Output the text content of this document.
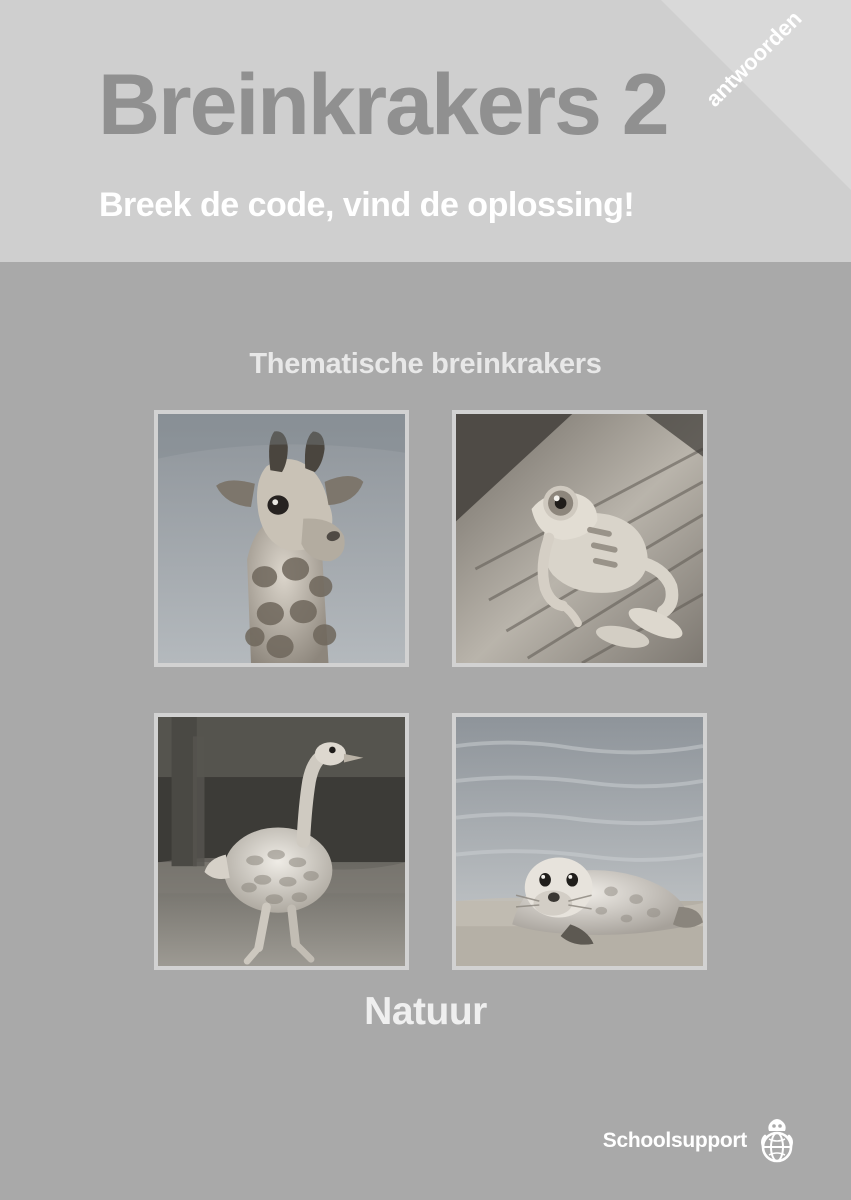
Breinkrakers 2
Breek de code, vind de oplossing!
antwoorden
Thematische breinkrakers
Natuur
Schoolsupport
